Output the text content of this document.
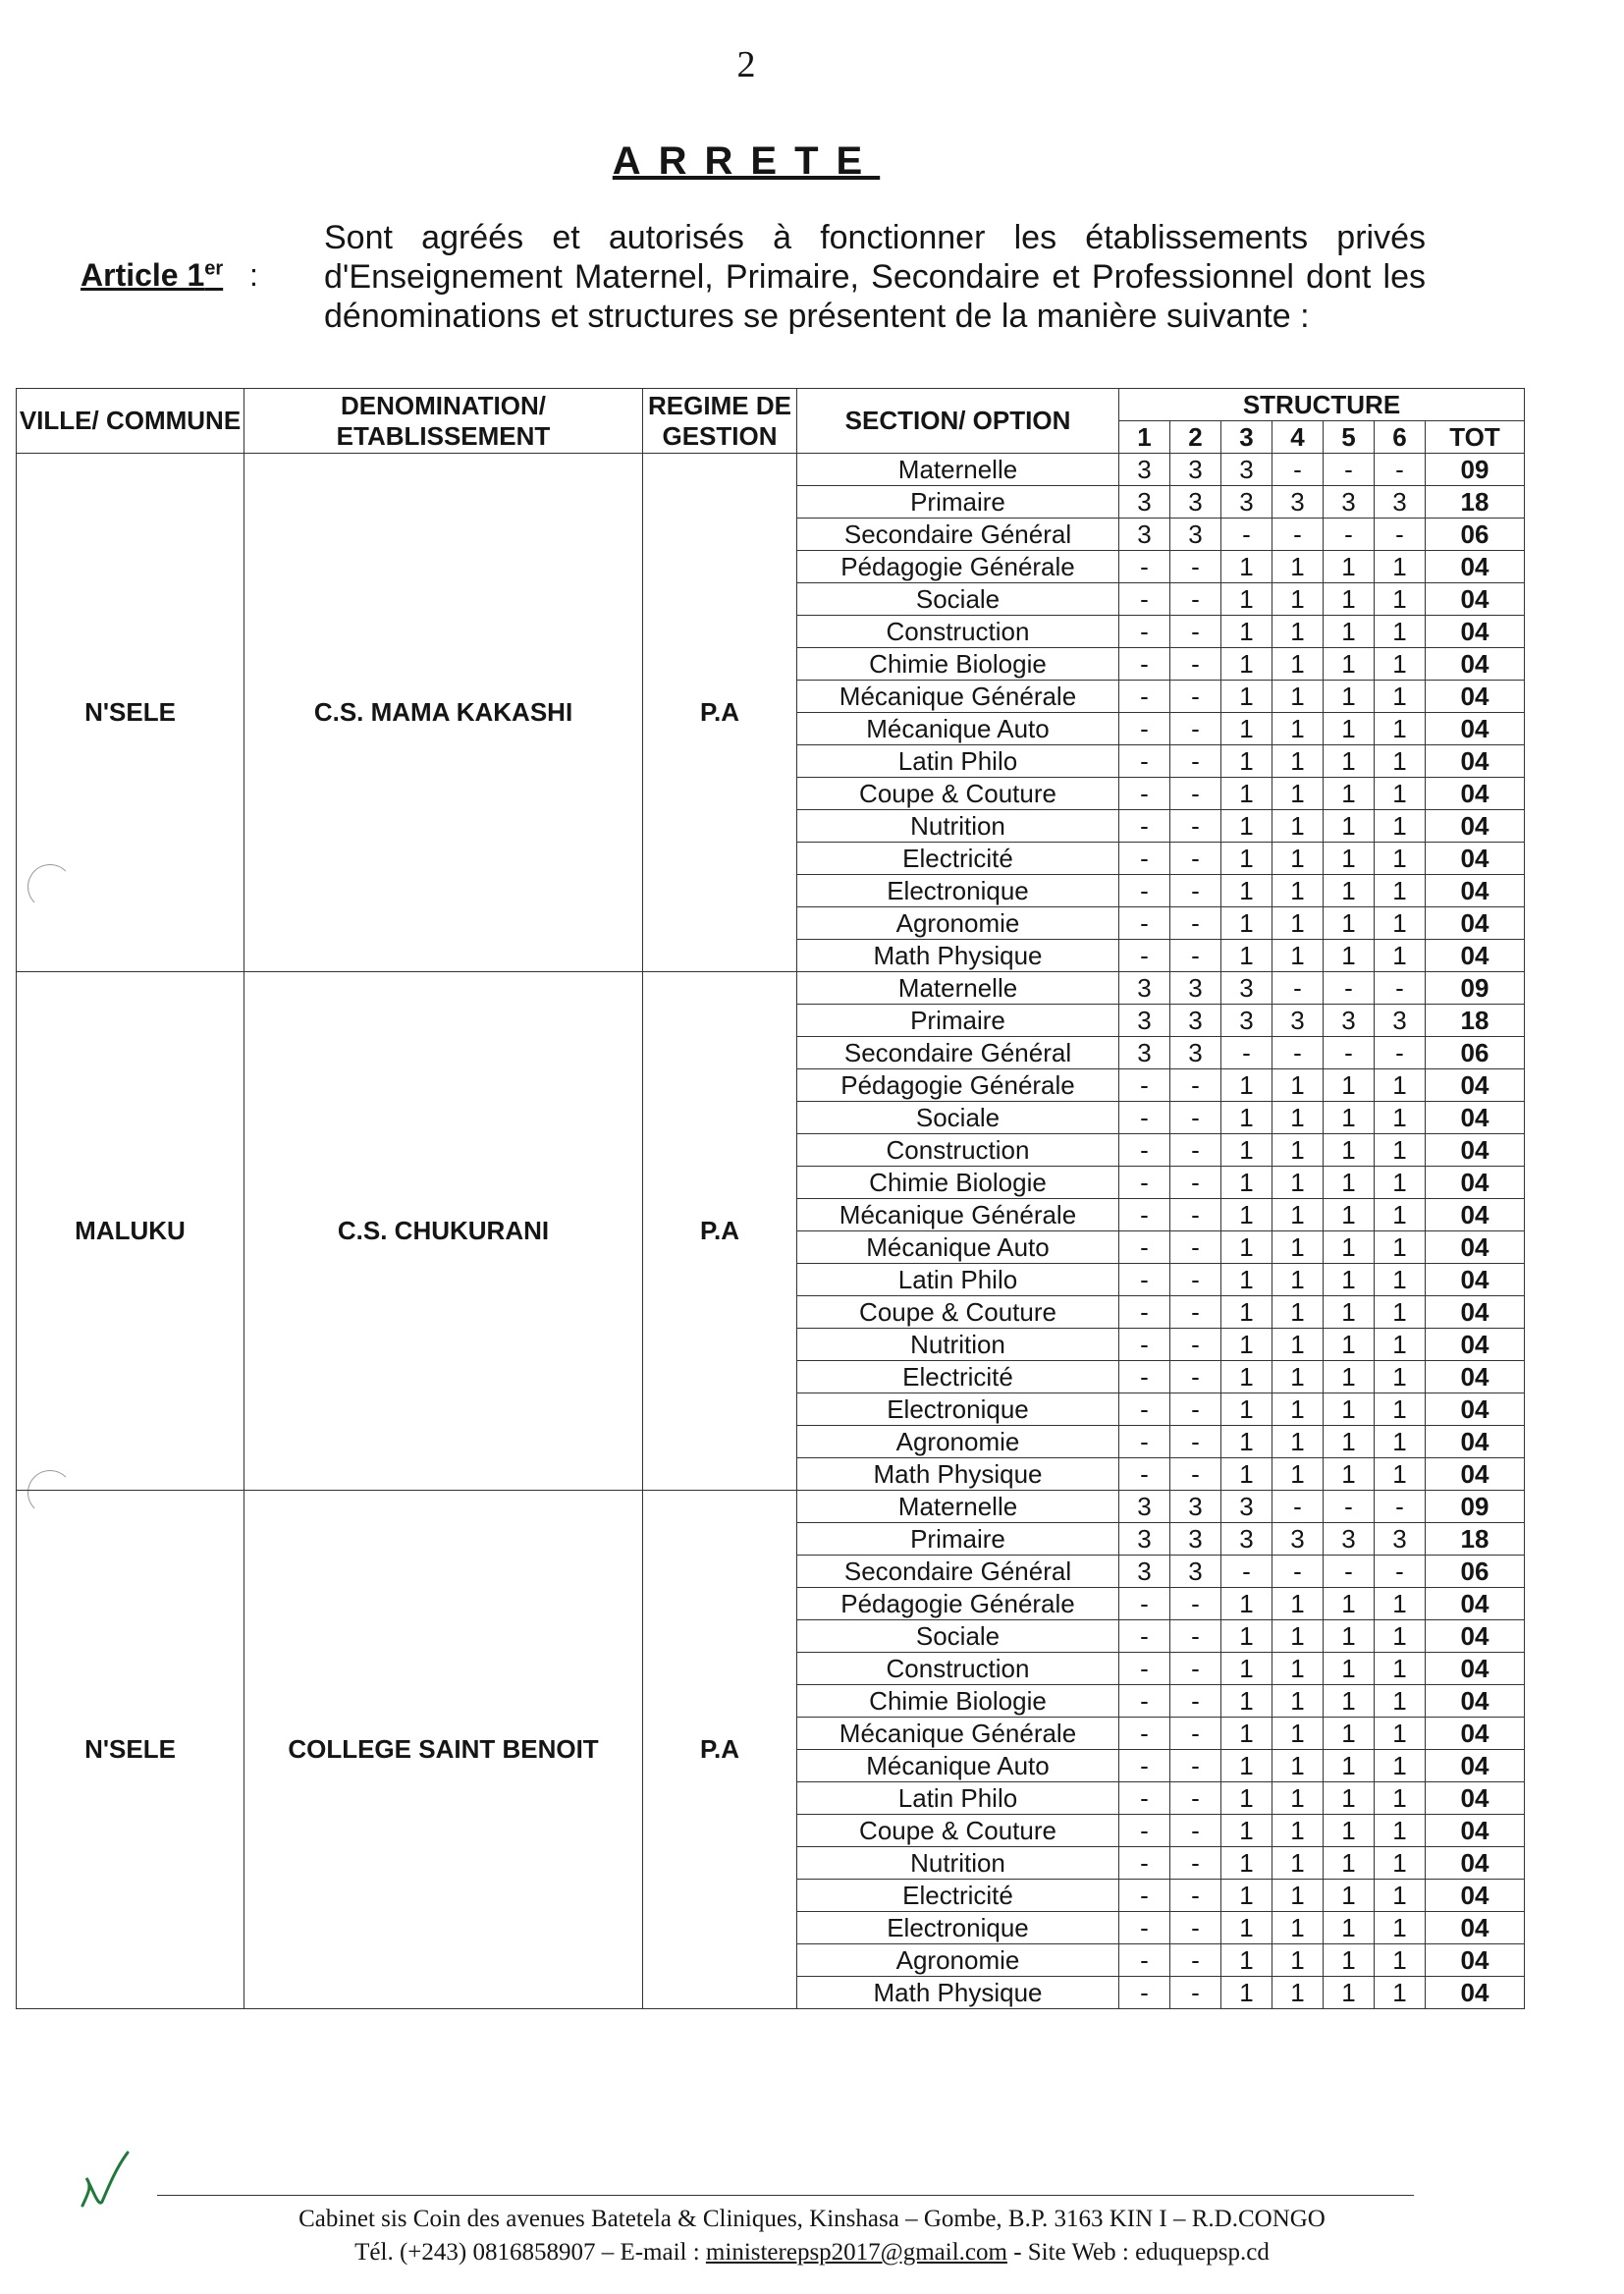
2
ARRETE
Article 1er :
Sont agréés et autorisés à fonctionner les établissements privés d'Enseignement Maternel, Primaire, Secondaire et Professionnel dont les dénominations et structures se présentent de la manière suivante :
VILLE/ COMMUNE	DENOMINATION/ ETABLISSEMENT	REGIME DE GESTION	SECTION/ OPTION	STRUCTURE						
				1	2	3	4	5	6	TOT
N'SELE	C.S. MAMA KAKASHI	P.A	Maternelle	3	3	3	-	-	-	09
			Primaire	3	3	3	3	3	3	18
			Secondaire Général	3	3	-	-	-	-	06
			Pédagogie Générale	-	-	1	1	1	1	04
			Sociale	-	-	1	1	1	1	04
			Construction	-	-	1	1	1	1	04
			Chimie Biologie	-	-	1	1	1	1	04
			Mécanique Générale	-	-	1	1	1	1	04
			Mécanique Auto	-	-	1	1	1	1	04
			Latin Philo	-	-	1	1	1	1	04
			Coupe & Couture	-	-	1	1	1	1	04
			Nutrition	-	-	1	1	1	1	04
			Electricité	-	-	1	1	1	1	04
			Electronique	-	-	1	1	1	1	04
			Agronomie	-	-	1	1	1	1	04
			Math Physique	-	-	1	1	1	1	04
MALUKU	C.S. CHUKURANI	P.A	Maternelle	3	3	3	-	-	-	09
			Primaire	3	3	3	3	3	3	18
			Secondaire Général	3	3	-	-	-	-	06
			Pédagogie Générale	-	-	1	1	1	1	04
			Sociale	-	-	1	1	1	1	04
			Construction	-	-	1	1	1	1	04
			Chimie Biologie	-	-	1	1	1	1	04
			Mécanique Générale	-	-	1	1	1	1	04
			Mécanique Auto	-	-	1	1	1	1	04
			Latin Philo	-	-	1	1	1	1	04
			Coupe & Couture	-	-	1	1	1	1	04
			Nutrition	-	-	1	1	1	1	04
			Electricité	-	-	1	1	1	1	04
			Electronique	-	-	1	1	1	1	04
			Agronomie	-	-	1	1	1	1	04
			Math Physique	-	-	1	1	1	1	04
N'SELE	COLLEGE SAINT BENOIT	P.A	Maternelle	3	3	3	-	-	-	09
			Primaire	3	3	3	3	3	3	18
			Secondaire Général	3	3	-	-	-	-	06
			Pédagogie Générale	-	-	1	1	1	1	04
			Sociale	-	-	1	1	1	1	04
			Construction	-	-	1	1	1	1	04
			Chimie Biologie	-	-	1	1	1	1	04
			Mécanique Générale	-	-	1	1	1	1	04
			Mécanique Auto	-	-	1	1	1	1	04
			Latin Philo	-	-	1	1	1	1	04
			Coupe & Couture	-	-	1	1	1	1	04
			Nutrition	-	-	1	1	1	1	04
			Electricité	-	-	1	1	1	1	04
			Electronique	-	-	1	1	1	1	04
			Agronomie	-	-	1	1	1	1	04
			Math Physique	-	-	1	1	1	1	04
Cabinet sis Coin des avenues Batetela & Cliniques, Kinshasa – Gombe, B.P. 3163 KIN I – R.D.CONGO
Tél. (+243) 0816858907 – E-mail : ministerepsp2017@gmail.com - Site Web : eduquepsp.cd
